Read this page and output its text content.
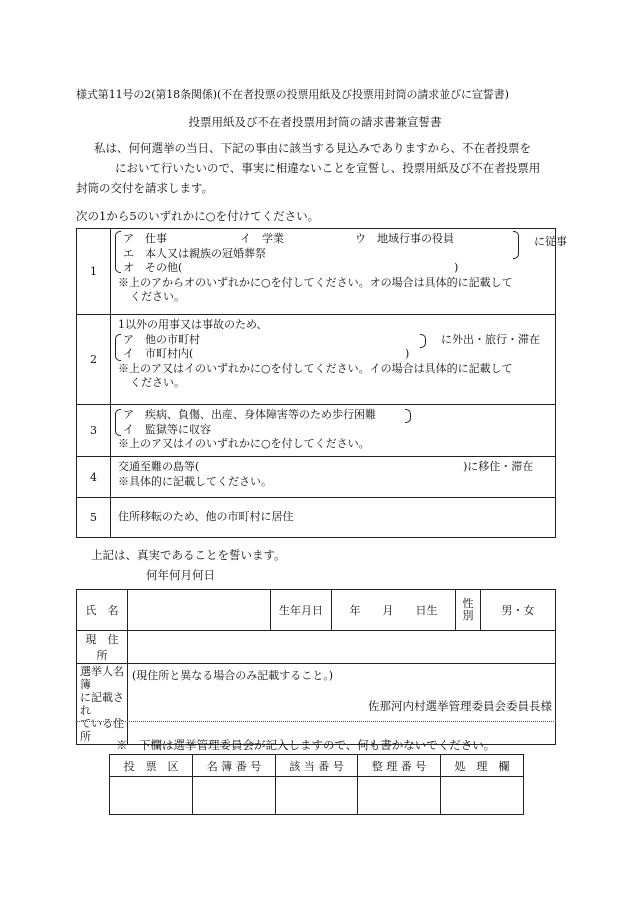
様式第11号の2(第18条関係)(不在者投票の投票用紙及び投票用封筒の請求並びに宣誓書)
投票用紙及び不在者投票用封筒の請求書兼宣誓書
私は、何何選挙の当日、下記の事由に該当する見込みでありますから、不在者投票を
において行いたいので、事実に相違ないことを宣誓し、投票用紙及び不在者投票用
封筒の交付を請求します。
次の1から5のいずれかに○を付けてください。
1
ア　仕事	イ　学業	ウ　地域行事の役員	に従事
エ　本人又は親族の冠婚葬祭
オ　その他(	)
※上のアからオのいずれかに○を付してください。オの場合は具体的に記載して
ください。
2
1以外の用事又は事故のため、
ア　他の市町村	に外出・旅行・滞在
イ　市町村内(	)
※上のア又はイのいずれかに○を付してください。イの場合は具体的に記載して
ください。
3
ア　疾病、負傷、出産、身体障害等のため歩行困難
イ　監獄等に収容
※上のア又はイのいずれかに○を付してください。
4
交通至難の島等(	)に移住・滞在
※具体的に記載してください。
5	住所移転のため、他の市町村に居住
上記は、真実であることを誓います。
何年何月何日
氏　名		生年月日	年　　月　　日生	性別	男・女
現　住　所					

選挙人名簿
に記載され
ている住所	(現住所と異なる場合のみ記載すること。)				
佐那河内村選挙管理委員会委員長様
※　下欄は選挙管理委員会が記入しますので、何も書かないでください。
投　票　区	名 簿 番 号	該 当 番 号	整 理 番 号	処　理　欄
